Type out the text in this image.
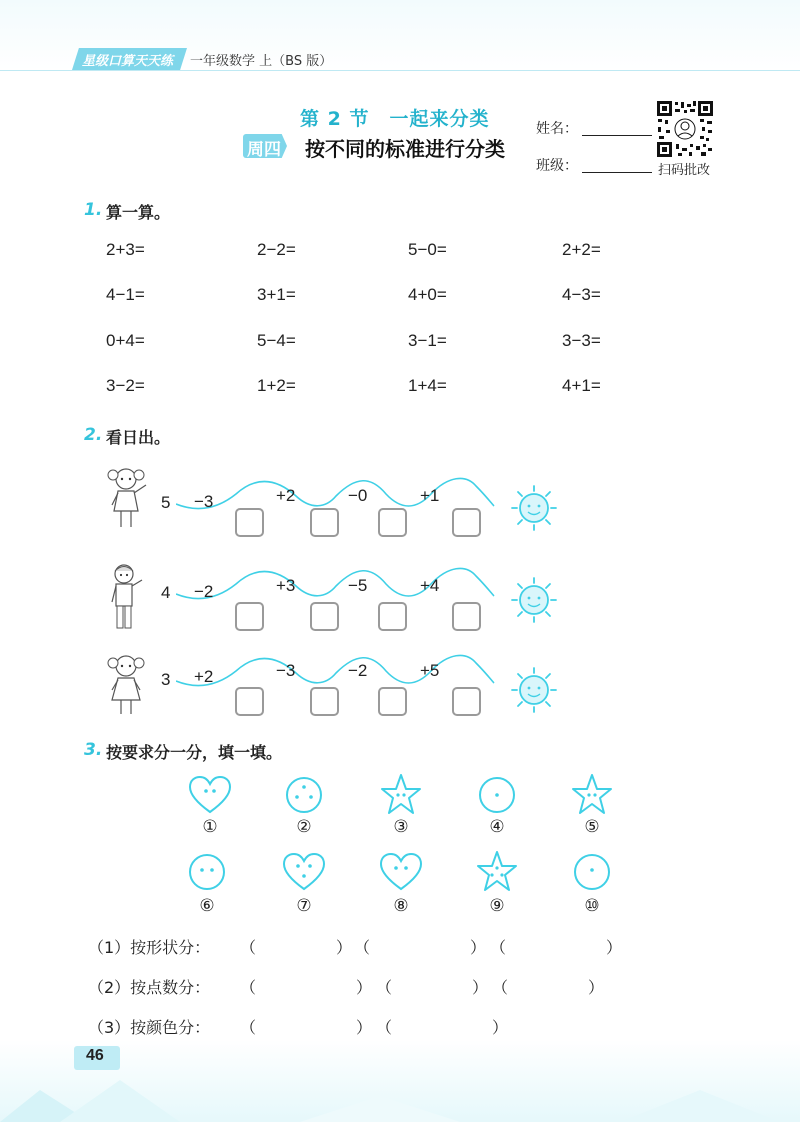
星级口算天天练 一年级数学 上（BS 版）
第 2 节　一起来分类
周四 按不同的标准进行分类
姓名：
班级：	扫码批改
1. 算一算。
2+3=	2−2=	5−0=	2+2=
4−1=	3+1=	4+0=	4−3=
0+4=	5−4=	3−1=	3−3=
3−2=	1+2=	1+4=	4+1=
2. 看日出。
5 −3	+2	−0	+1
4 −2	+3	−5	+4
3 +2	−3	−2	+5
3. 按要求分一分，填一填。
①	②	③	④	⑤
⑥	⑦	⑧	⑨	⑩
（1）按形状分： （	） （	） （	）
（2）按点数分： （	） （	） （	）
（3）按颜色分： （	） （	）
46
